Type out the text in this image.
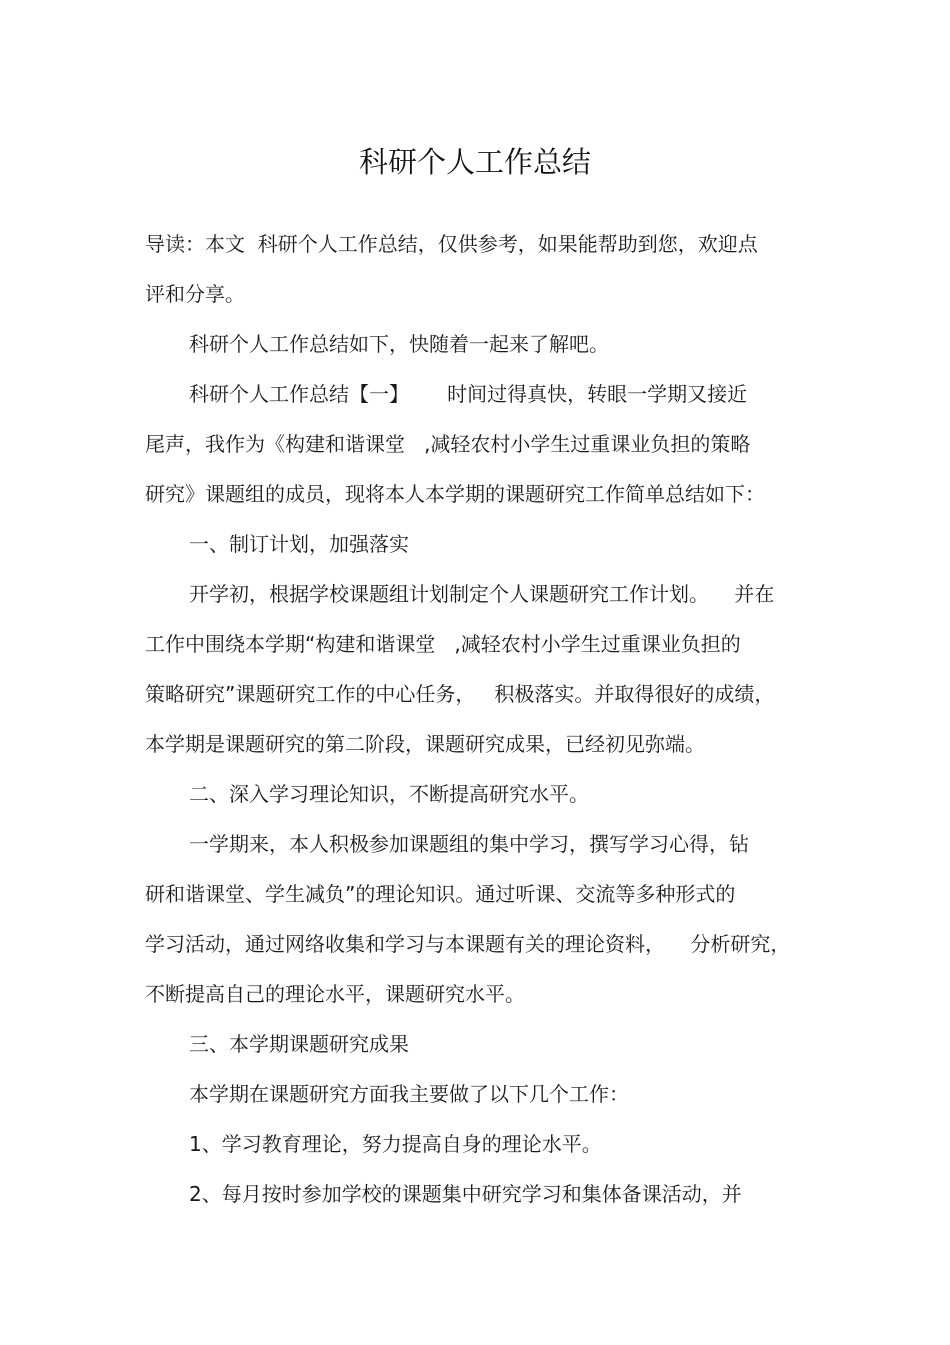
科研个人工作总结
导读：本文  科研个人工作总结，仅供参考，如果能帮助到您，欢迎点
评和分享。
科研个人工作总结如下，快随着一起来了解吧。
科研个人工作总结【一】      时间过得真快，转眼一学期又接近
尾声，我作为《构建和谐课堂   ,减轻农村小学生过重课业负担的策略
研究》课题组的成员，现将本人本学期的课题研究工作简单总结如下：
一、制订计划，加强落实
开学初，根据学校课题组计划制定个人课题研究工作计划。    并在
工作中围绕本学期“构建和谐课堂   ,减轻农村小学生过重课业负担的
策略研究”课题研究工作的中心任务，   积极落实。并取得很好的成绩，
本学期是课题研究的第二阶段，课题研究成果，已经初见弥端。
二、深入学习理论知识，不断提高研究水平。
一学期来，本人积极参加课题组的集中学习，撰写学习心得，钻
研和谐课堂、学生减负”的理论知识。通过听课、交流等多种形式的
学习活动，通过网络收集和学习与本课题有关的理论资料，    分析研究，
不断提高自己的理论水平，课题研究水平。
三、本学期课题研究成果
本学期在课题研究方面我主要做了以下几个工作：
1、学习教育理论，努力提高自身的理论水平。
2、每月按时参加学校的课题集中研究学习和集体备课活动，并
